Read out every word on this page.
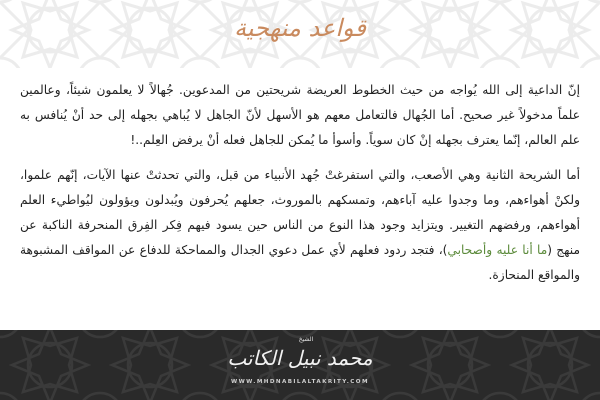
قواعد منهجية

إنّ الداعية إلى الله يُواجه من حيث الخطوط العريضة شريحتين من المدعوين. جُهالاً لا يعلمون شيئاً، وعالمين علماً مدخولاً غير صحيح. أما الجُهال فالتعامل معهم هو الأسهل لأنّ الجاهل لا يُباهي بجهله إلى حد أنْ يُنافس به علم العالم، إنّما يعترف بجهله إنْ كان سوياً. وأسوأ ما يُمكن للجاهل فعله أنْ يرفض العِلم..!

أما الشريحة الثانية وهي الأصعب، والتي استفرغتْ جُهد الأنبياء من قبل، والتي تحدثتْ عنها الآيات، إنّهم علموا، ولكنْ أهواءهم، وما وجدوا عليه آباءهم، وتمسكهم بالموروث، جعلهم يُحرفون ويُبدلون ويؤولون ليُواطيء العلم أهواءهم، ورفضهم التغيير. ويتزايد وجود هذا النوع من الناس حين يسود فيهم فِكر الفِرق المنحرفة الناكبة عن منهج (ما أنا عليه وأصحابي)، فتجد ردود فعلهم لأي عمل دعوي الجدال والمماحكة للدفاع عن المواقف المشبوهة والمواقع المنحازة.

الشيخ
محمد نبيل الكاتب
WWW.MHDNABILALTAKRITY.COM
